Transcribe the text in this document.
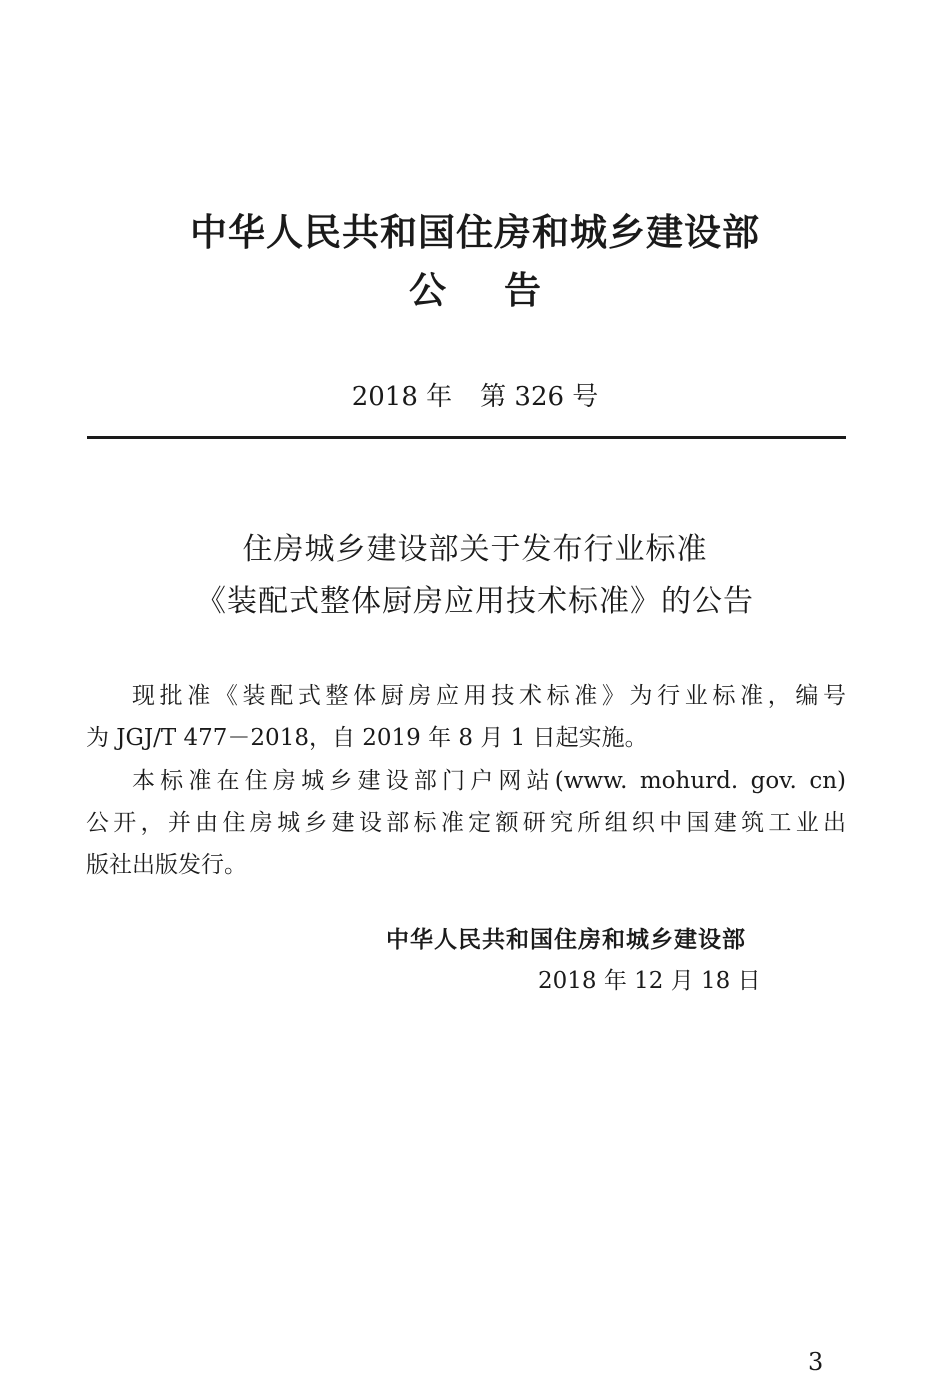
中华人民共和国住房和城乡建设部
公告
2018 年 第 326 号
住房城乡建设部关于发布行业标准
《装配式整体厨房应用技术标准》的公告
现批准《装配式整体厨房应用技术标准》为行业标准，编号
为 JGJ/T 477－2018，自 2019 年 8 月 1 日起实施。
本标准在住房城乡建设部门户网站(www. mohurd. gov. cn)
公开，并由住房城乡建设部标准定额研究所组织中国建筑工业出
版社出版发行。
中华人民共和国住房和城乡建设部
2018 年 12 月 18 日
3
